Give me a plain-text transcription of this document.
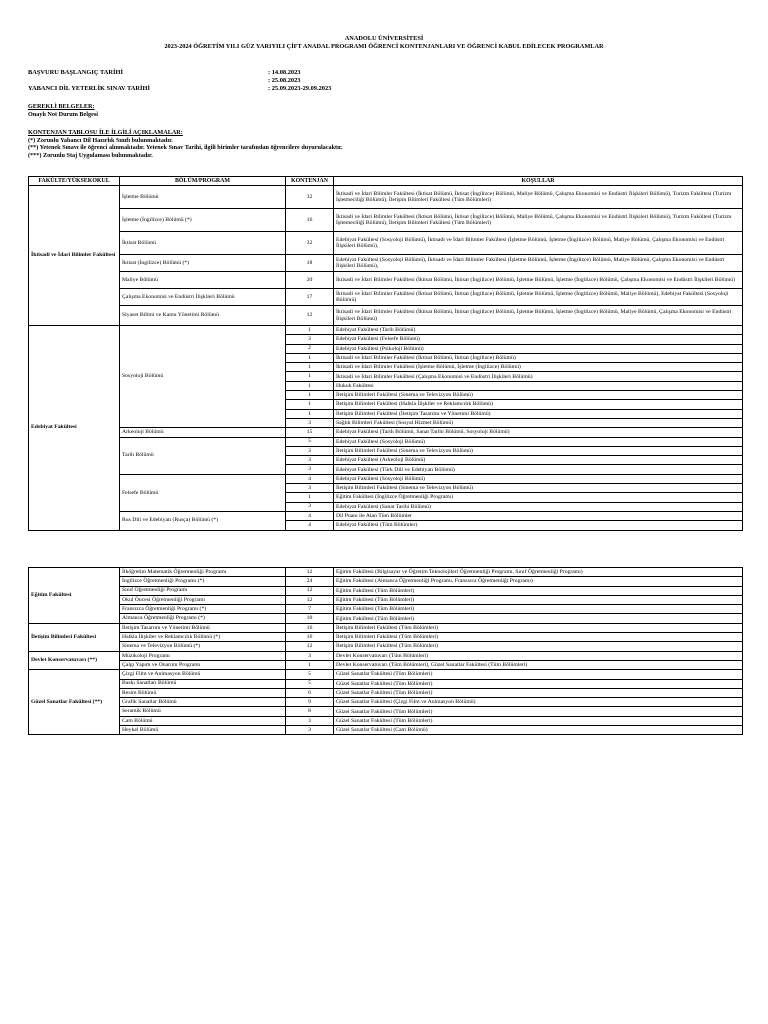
ANADOLU ÜNİVERSİTESİ
2023-2024 ÖĞRETİM YILI GÜZ YARIYILI ÇİFT ANADAL PROGRAMI ÖĞRENCİ KONTENJANLARI VE ÖĞRENCİ KABUL EDİLECEK PROGRAMLAR
BAŞVURU BAŞLANGIÇ TARİHİ	: 14.08.2023
: 25.08.2023
YABANCI DİL YETERLİK SINAV TARİHİ	: 25.09.2023-29.09.2023
GEREKLİ BELGELER:
Onaylı Not Durum Belgesi
KONTENJAN TABLOSU İLE İLGİLİ AÇIKLAMALAR:
(*) Zorunlu Yabancı Dil Hazırlık Sınıfı bulunmaktadır.
(**) Yetenek Sınavı ile öğrenci alınmaktadır. Yetenek Sınav Tarihi, ilgili birimler tarafından öğrencilere duyurulacaktır.
(***) Zorunlu Staj Uygulaması bulunmaktadır.
FAKÜLTE/YÜKSEKOKUL	BÖLÜM/PROGRAM	KONTENJAN	KOŞULLAR
İktisadi ve İdari Bilimler Fakültesi	İşletme Bölümü	32	İktisadi ve İdari Bilimler Fakültesi (İktisat Bölümü, İktisat (İngilizce) Bölümü, Maliye Bölümü, Çalışma Ekonomisi ve Endüstri İlişkileri Bölümü), Turizm Fakültesi (Turizm İşletmeciliği Bölümü), İletişim Bilimleri Fakültesi (Tüm Bölümleri)
	İşletme (İngilizce) Bölümü (*)	16	İktisadi ve İdari Bilimler Fakültesi (İktisat Bölümü, İktisat (İngilizce) Bölümü, Maliye Bölümü, Çalışma Ekonomisi ve Endüstri İlişkileri Bölümü), Turizm Fakültesi (Turizm İşletmeciliği Bölümü), İletişim Bilimleri Fakültesi (Tüm Bölümleri)
	İktisat Bölümü	32	Edebiyat Fakültesi (Sosyoloji Bölümü), İktisadi ve İdari Bilimler Fakültesi (İşletme Bölümü, İşletme (İngilizce) Bölümü, Maliye Bölümü, Çalışma Ekonomisi ve Endüstri İlişkileri Bölümü),
	İktisat (İngilizce) Bölümü (*)	18	Edebiyat Fakültesi (Sosyoloji Bölümü), İktisadi ve İdari Bilimler Fakültesi (İşletme Bölümü, İşletme (İngilizce) Bölümü, Maliye Bölümü, Çalışma Ekonomisi ve Endüstri İlişkileri Bölümü),
	Maliye Bölümü	20	İktisadi ve İdari Bilimler Fakültesi (İktisat Bölümü, İktisat (İngilizce) Bölümü, İşletme Bölümü, İşletme (İngilizce) Bölümü, Çalışma Ekonomisi ve Endüstri İlişkileri Bölümü)
	Çalışma Ekonomisi ve Endüstri İlişkileri Bölümü	17	İktisadi ve İdari Bilimler Fakültesi (İktisat Bölümü, İktisat (İngilizce) Bölümü, İşletme Bölümü, İşletme (İngilizce) Bölümü, Maliye Bölümü), Edebiyat Fakültesi (Sosyoloji Bölümü)
	Siyaset Bilimi ve Kamu Yönetimi Bölümü	12	İktisadi ve İdari Bilimler Fakültesi (İktisat Bölümü, İktisat (İngilizce) Bölümü, İşletme Bölümü, İşletme (İngilizce) Bölümü, Maliye Bölümü, Çalışma Ekonomisi ve Endüstri İlişkileri Bölümü)
Edebiyat Fakültesi	Sosyoloji Bölümü	1	Edebiyat Fakültesi (Tarih Bölümü)
		3	Edebiyat Fakültesi (Felsefe Bölümü)
		2	Edebiyat Fakültesi (Psikoloji Bölümü)
		1	İktisadi ve İdari Bilimler Fakültesi (İktisat Bölümü, İktisat (İngilizce) Bölümü)
		1	İktisadi ve İdari Bilimler Fakültesi (İşletme Bölümü, İşletme (İngilizce) Bölümü)
		1	İktisadi ve İdari Bilimler Fakültesi (Çalışma Ekonomisi ve Endüstri İlişkileri Bölümü)
		1	Hukuk Fakültesi
		1	İletişim Bilimleri Fakültesi (Sinema ve Televizyon Bölümü)
		1	İletişim Bilimleri Fakültesi (Halkla İlişkiler ve Reklamcılık Bölümü)
		1	İletişim Bilimleri Fakültesi (İletişim Tasarımı ve Yönetimi Bölümü)
		3	Sağlık Bilimleri Fakültesi (Sosyal Hizmet Bölümü)
	Arkeoloji Bölümü	15	Edebiyat Fakültesi (Tarih Bölümü, Sanat Tarihi Bölümü, Sosyoloji Bölümü)
	Tarih Bölümü	5	Edebiyat Fakültesi (Sosyoloji Bölümü)
		3	İletişim Bilimleri Fakültesi (Sinema ve Televizyon Bölümü)
		3	Edebiyat Fakültesi (Arkeoloji Bölümü)
		3	Edebiyat Fakültesi (Türk Dili ve Edebiyatı Bölümü)
	Felsefe Bölümü	4	Edebiyat Fakültesi (Sosyoloji Bölümü)
		3	İletişim Bilimleri Fakültesi (Sinema ve Televizyon Bölümü)
		1	Eğitim Fakültesi (İngilizce Öğretmenliği Programı)
		3	Edebiyat Fakültesi (Sanat Tarihi Bölümü)
	Rus Dili ve Edebiyatı (Rusça) Bölümü (*)	4	Dil Puanı ile Alan Tüm Bölümler
		4	Edebiyat Fakültesi (Tüm Bölümler)
Eğitim Fakültesi	İlköğretim Matematik Öğretmenliği Programı	12	Eğitim Fakültesi (Bilgisayar ve Öğretim Teknolojileri Öğretmenliği Programı, Sınıf Öğretmenliği Programı)
	İngilizce Öğretmenliği Programı (*)	24	Eğitim Fakültesi (Almanca Öğretmenliği Programı, Fransızca Öğretmenliği Programı)
	Sınıf Öğretmenliği Programı	12	Eğitim Fakültesi (Tüm Bölümleri)
	Okul Öncesi Öğretmenliği Programı	12	Eğitim Fakültesi (Tüm Bölümleri)
	Fransızca Öğretmenliği Programı (*)	7	Eğitim Fakültesi (Tüm Bölümleri)
	Almanca Öğretmenliği Programı (*)	10	Eğitim Fakültesi (Tüm Bölümleri)
İletişim Bilimleri Fakültesi	İletişim Tasarımı ve Yönetimi Bölümü	16	İletişim Bilimleri Fakültesi (Tüm Bölümleri)
	Halkla İlişkiler ve Reklamcılık Bölümü (*)	16	İletişim Bilimleri Fakültesi (Tüm Bölümleri)
	Sinema ve Televizyon Bölümü (*)	12	İletişim Bilimleri Fakültesi (Tüm Bölümleri)
Devlet Konservatuvarı (**)	Müzikoloji Programı	3	Devlet Konservatuvarı (Tüm Bölümleri)
	Çalgı Yapım ve Onarımı Programı	1	Devlet Konservatuvarı (Tüm Bölümleri), Güzel Sanatlar Fakültesi (Tüm Bölümleri)
Güzel Sanatlar Fakültesi (**)	Çizgi Film ve Animasyon Bölümü	5	Güzel Sanatlar Fakültesi (Tüm Bölümleri)
	Baskı Sanatları Bölümü	5	Güzel Sanatlar Fakültesi (Tüm Bölümleri)
	Resim Bölümü	6	Güzel Sanatlar Fakültesi (Tüm Bölümleri)
	Grafik Sanatlar Bölümü	9	Güzel Sanatlar Fakültesi (Çizgi Film ve Animasyon Bölümü)
	Seramik Bölümü	8	Güzel Sanatlar Fakültesi (Tüm Bölümleri)
	Cam Bölümü	3	Güzel Sanatlar Fakültesi (Tüm Bölümleri)
	Heykel Bölümü	3	Güzel Sanatlar Fakültesi (Cam Bölümü)
